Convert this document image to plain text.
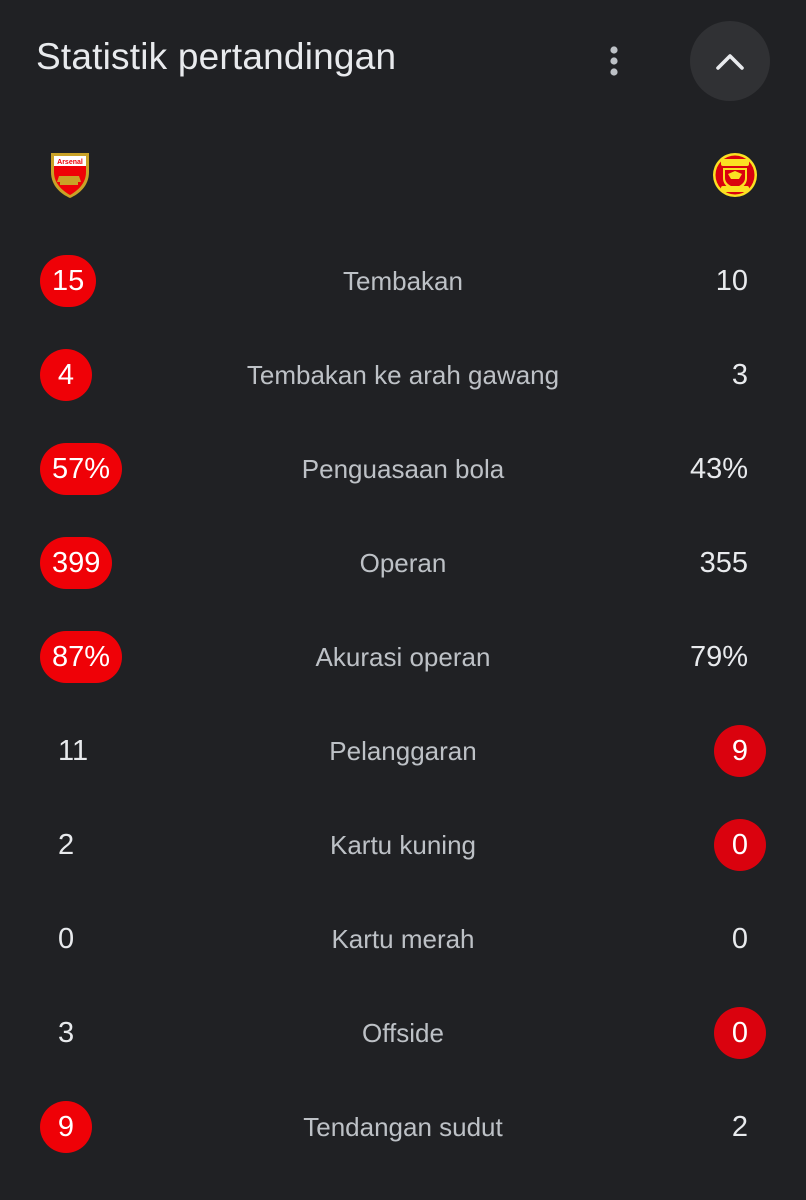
Statistik pertandingan
Arsenal
Tembakan
15	10
Tembakan ke arah gawang
4	3
Penguasaan bola
57%	43%
Operan
399	355
Akurasi operan
87%	79%
Pelanggaran
11	9
Kartu kuning
2	0
Kartu merah
0	0
Offside
3	0
Tendangan sudut
9	2
